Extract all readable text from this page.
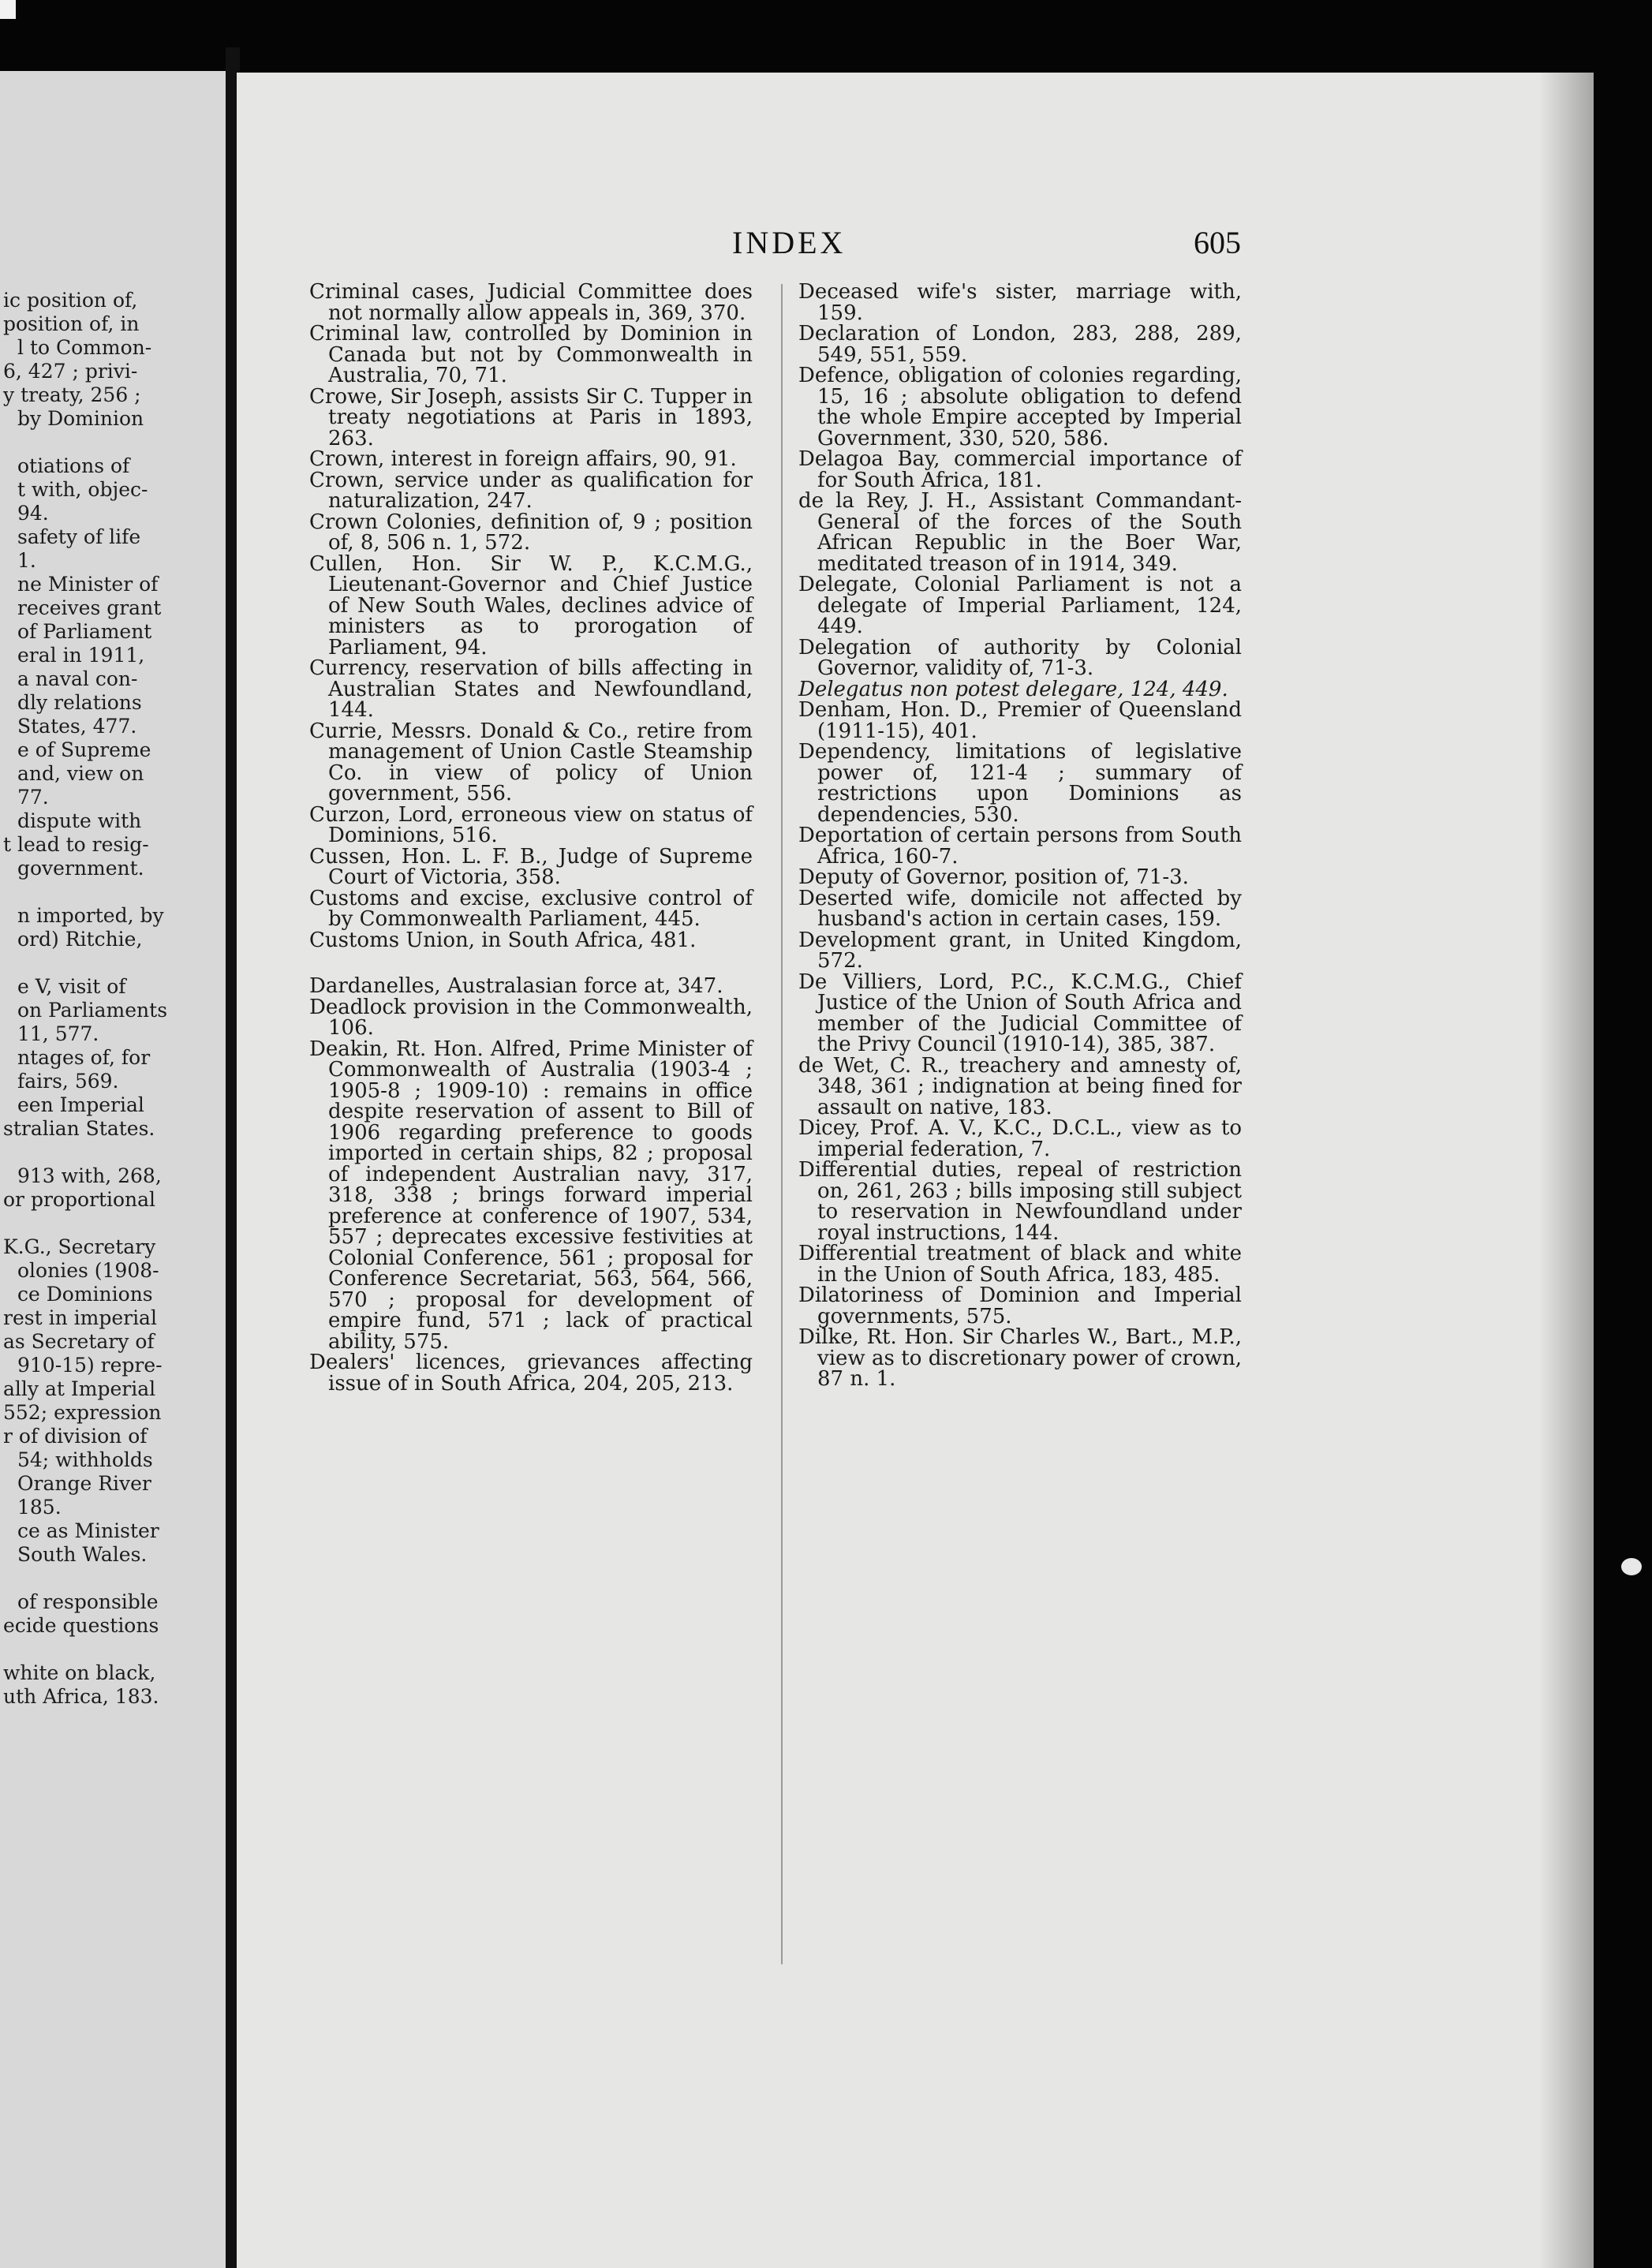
ic position of,
position of, in
l to Common-
6, 427 ; privi-
y treaty, 256 ;
by Dominion
otiations of
t with, objec-
94.
safety of life
1.
ne Minister of
receives grant
of Parliament
eral in 1911,
a naval con-
dly relations
States, 477.
e of Supreme
and, view on
77.
dispute with
t lead to resig-
government.
n imported, by
ord) Ritchie,
e V, visit of
on Parliaments
11, 577.
ntages of, for
fairs, 569.
een Imperial
stralian States.
913 with, 268,
or proportional
K.G., Secretary
olonies (1908-
ce Dominions
rest in imperial
as Secretary of
910-15) repre-
ally at Imperial
552; expression
r of division of
54; withholds
Orange River
185.
ce as Minister
South Wales.
of responsible
ecide questions
white on black,
uth Africa, 183.
INDEX	605

Criminal cases, Judicial Committee does not normally allow appeals in, 369, 370.

Criminal law, controlled by Dominion in Canada but not by Commonwealth in Australia, 70, 71.

Crowe, Sir Joseph, assists Sir C. Tupper in treaty negotiations at Paris in 1893, 263.

Crown, interest in foreign affairs, 90, 91.

Crown, service under as qualification for naturalization, 247.

Crown Colonies, definition of, 9 ; position of, 8, 506 n. 1, 572.

Cullen, Hon. Sir W. P., K.C.M.G., Lieutenant-Governor and Chief Justice of New South Wales, declines advice of ministers as to prorogation of Parliament, 94.

Currency, reservation of bills affecting in Australian States and Newfoundland, 144.

Currie, Messrs. Donald & Co., retire from management of Union Castle Steamship Co. in view of policy of Union government, 556.

Curzon, Lord, erroneous view on status of Dominions, 516.

Cussen, Hon. L. F. B., Judge of Supreme Court of Victoria, 358.

Customs and excise, exclusive control of by Commonwealth Parliament, 445.

Customs Union, in South Africa, 481.

Dardanelles, Australasian force at, 347.

Deadlock provision in the Commonwealth, 106.

Deakin, Rt. Hon. Alfred, Prime Minister of Commonwealth of Australia (1903-4 ; 1905-8 ; 1909-10) : remains in office despite reservation of assent to Bill of 1906 regarding preference to goods imported in certain ships, 82 ; proposal of independent Australian navy, 317, 318, 338 ; brings forward imperial preference at conference of 1907, 534, 557 ; deprecates excessive festivities at Colonial Conference, 561 ; proposal for Conference Secretariat, 563, 564, 566, 570 ; proposal for development of empire fund, 571 ; lack of practical ability, 575.

Dealers' licences, grievances affecting issue of in South Africa, 204, 205, 213.

Deceased wife's sister, marriage with, 159.

Declaration of London, 283, 288, 289, 549, 551, 559.

Defence, obligation of colonies regarding, 15, 16 ; absolute obligation to defend the whole Empire accepted by Imperial Government, 330, 520, 586.

Delagoa Bay, commercial importance of for South Africa, 181.

de la Rey, J. H., Assistant Commandant-General of the forces of the South African Republic in the Boer War, meditated treason of in 1914, 349.

Delegate, Colonial Parliament is not a delegate of Imperial Parliament, 124, 449.

Delegation of authority by Colonial Governor, validity of, 71-3.

Delegatus non potest delegare, 124, 449.

Denham, Hon. D., Premier of Queensland (1911-15), 401.

Dependency, limitations of legislative power of, 121-4 ; summary of restrictions upon Dominions as dependencies, 530.

Deportation of certain persons from South Africa, 160-7.

Deputy of Governor, position of, 71-3.

Deserted wife, domicile not affected by husband's action in certain cases, 159.

Development grant, in United Kingdom, 572.

De Villiers, Lord, P.C., K.C.M.G., Chief Justice of the Union of South Africa and member of the Judicial Committee of the Privy Council (1910-14), 385, 387.

de Wet, C. R., treachery and amnesty of, 348, 361 ; indignation at being fined for assault on native, 183.

Dicey, Prof. A. V., K.C., D.C.L., view as to imperial federation, 7.

Differential duties, repeal of restriction on, 261, 263 ; bills imposing still subject to reservation in Newfoundland under royal instructions, 144.

Differential treatment of black and white in the Union of South Africa, 183, 485.

Dilatoriness of Dominion and Imperial governments, 575.

Dilke, Rt. Hon. Sir Charles W., Bart., M.P., view as to discretionary power of crown, 87 n. 1.
